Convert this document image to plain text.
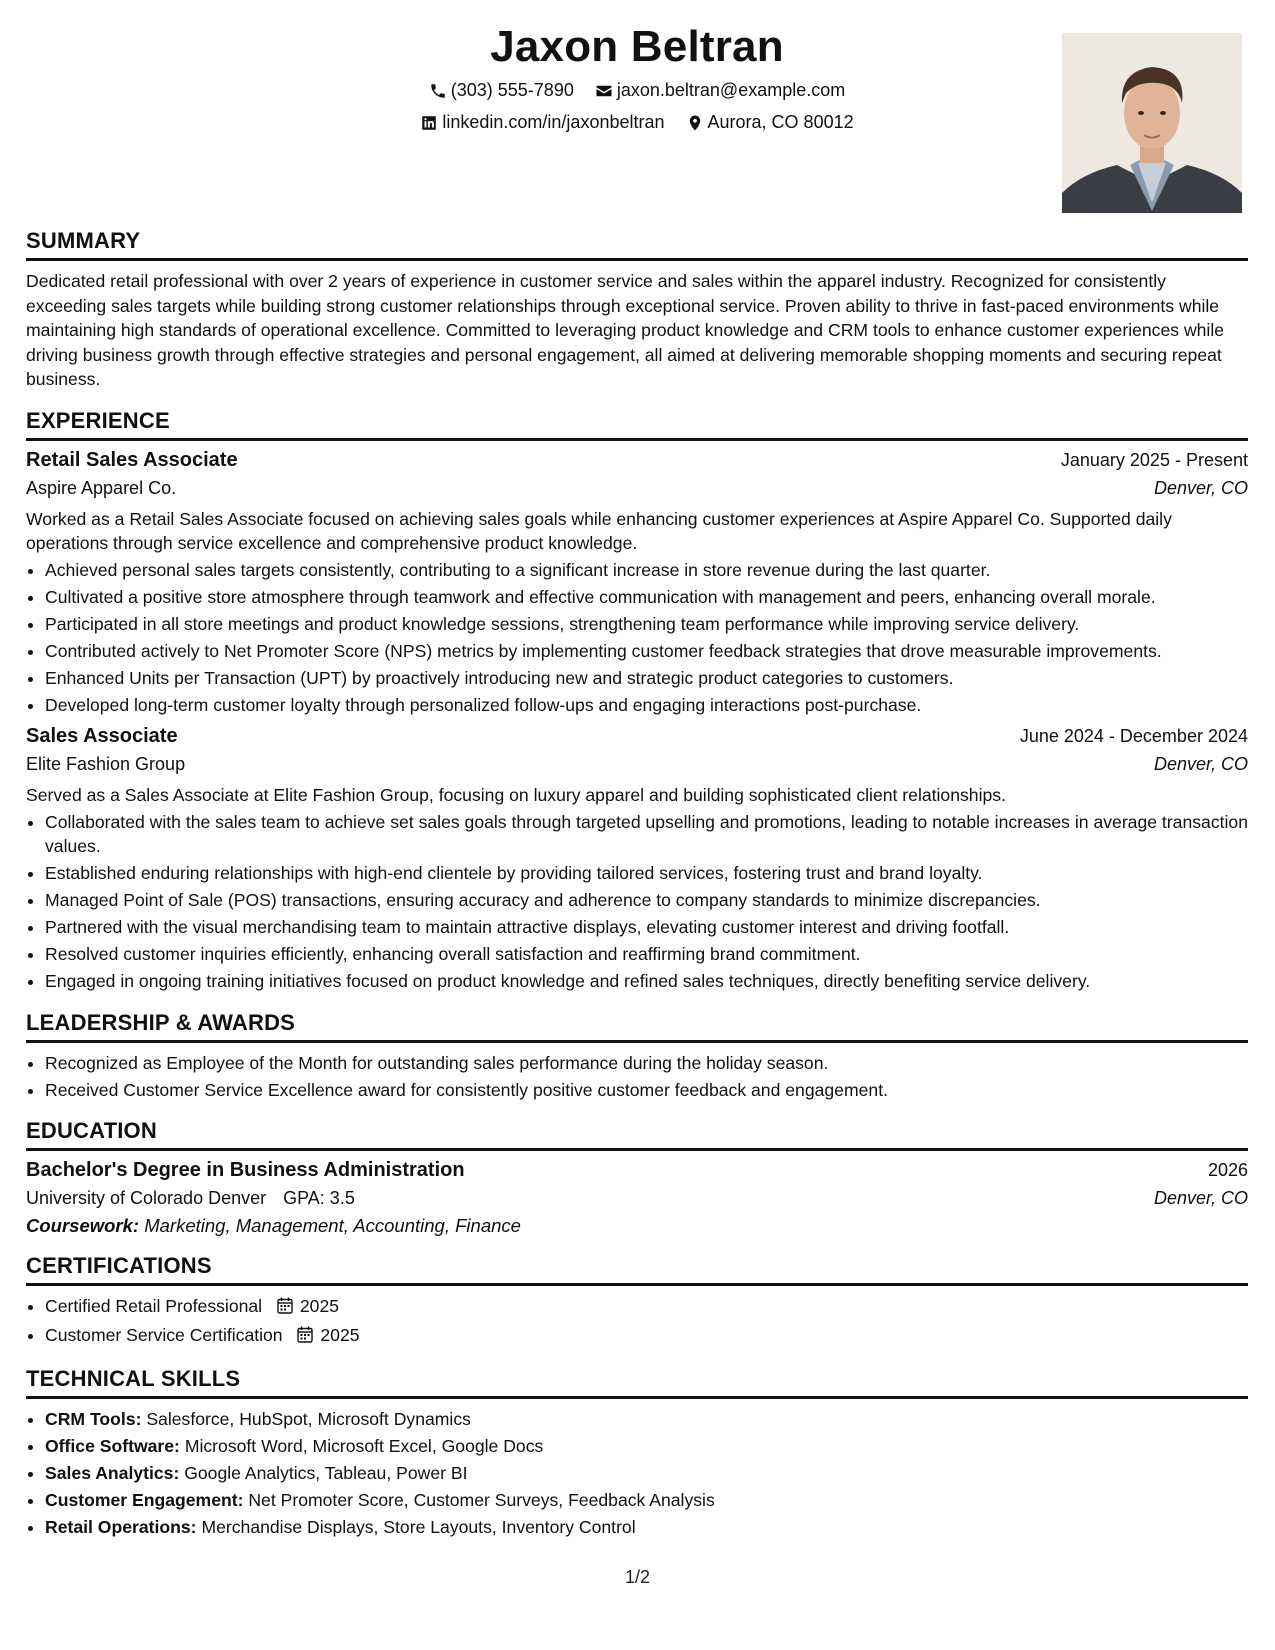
Jaxon Beltran
(303) 555-7890
jaxon.beltran@example.com
linkedin.com/in/jaxonbeltran
Aurora, CO 80012
SUMMARY

Dedicated retail professional with over 2 years of experience in customer service and sales within the apparel industry. Recognized for consistently exceeding sales targets while building strong customer relationships through exceptional service. Proven ability to thrive in fast-paced environments while maintaining high standards of operational excellence. Committed to leveraging product knowledge and CRM tools to enhance customer experiences while driving business growth through effective strategies and personal engagement, all aimed at delivering memorable shopping moments and securing repeat business.

EXPERIENCE
Retail Sales Associate	January 2025 - Present
Aspire Apparel Co.	Denver, CO

Worked as a Retail Sales Associate focused on achieving sales goals while enhancing customer experiences at Aspire Apparel Co. Supported daily operations through service excellence and comprehensive product knowledge.

• Achieved personal sales targets consistently, contributing to a significant increase in store revenue during the last quarter.
• Cultivated a positive store atmosphere through teamwork and effective communication with management and peers, enhancing overall morale.
• Participated in all store meetings and product knowledge sessions, strengthening team performance while improving service delivery.
• Contributed actively to Net Promoter Score (NPS) metrics by implementing customer feedback strategies that drove measurable improvements.
• Enhanced Units per Transaction (UPT) by proactively introducing new and strategic product categories to customers.
• Developed long-term customer loyalty through personalized follow-ups and engaging interactions post-purchase.
Sales Associate	June 2024 - December 2024
Elite Fashion Group	Denver, CO

Served as a Sales Associate at Elite Fashion Group, focusing on luxury apparel and building sophisticated client relationships.

• Collaborated with the sales team to achieve set sales goals through targeted upselling and promotions, leading to notable increases in average transaction values.
• Established enduring relationships with high-end clientele by providing tailored services, fostering trust and brand loyalty.
• Managed Point of Sale (POS) transactions, ensuring accuracy and adherence to company standards to minimize discrepancies.
• Partnered with the visual merchandising team to maintain attractive displays, elevating customer interest and driving footfall.
• Resolved customer inquiries efficiently, enhancing overall satisfaction and reaffirming brand commitment.
• Engaged in ongoing training initiatives focused on product knowledge and refined sales techniques, directly benefiting service delivery.
LEADERSHIP & AWARDS
• Recognized as Employee of the Month for outstanding sales performance during the holiday season.
• Received Customer Service Excellence award for consistently positive customer feedback and engagement.
EDUCATION
Bachelor's Degree in Business Administration	2026
University of Colorado Denver GPA: 3.5	Denver, CO
Coursework: Marketing, Management, Accounting, Finance
CERTIFICATIONS
• Certified Retail Professional 2025
• Customer Service Certification 2025
TECHNICAL SKILLS
• CRM Tools: Salesforce, HubSpot, Microsoft Dynamics
• Office Software: Microsoft Word, Microsoft Excel, Google Docs
• Sales Analytics: Google Analytics, Tableau, Power BI
• Customer Engagement: Net Promoter Score, Customer Surveys, Feedback Analysis
• Retail Operations: Merchandise Displays, Store Layouts, Inventory Control
1/2
